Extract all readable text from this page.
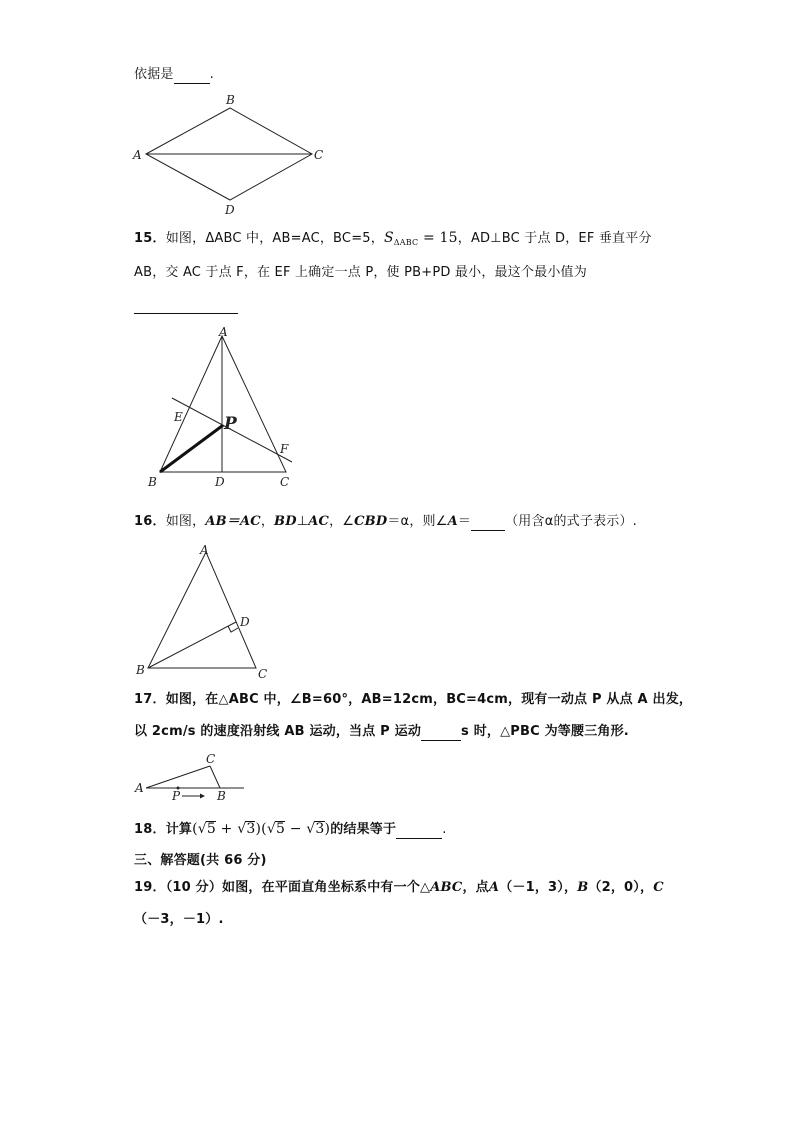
依据是	.
B
A	C
D
15．如图，ΔABC 中，AB=AC，BC=5，$S_{\Delta ABC} = 15$，AD⊥BC 于点 D，EF 垂直平分
AB，交 AC 于点 F，在 EF 上确定一点 P，使 PB+PD 最小，最这个最小值为
A
E P
F
B	D	C
16．如图，AB＝AC，BD⊥AC，∠CBD＝α，则∠A＝	（用含α的式子表示）.
A
D
B	C
17．如图，在△ABC 中，∠B=60°，AB=12cm，BC=4cm，现有一动点 P 从点 A 出发，
以 2cm/s 的速度沿射线 AB 运动，当点 P 运动	s 时，△PBC 为等腰三角形.
A
C
P	B
18．计算(√5 + √3)(√5 − √3)的结果等于	.
三、解答题(共 66 分)
19．（10 分）如图，在平面直角坐标系中有一个△ABC，点A（－1，3），B（2，0），C
（－3，－1）.
